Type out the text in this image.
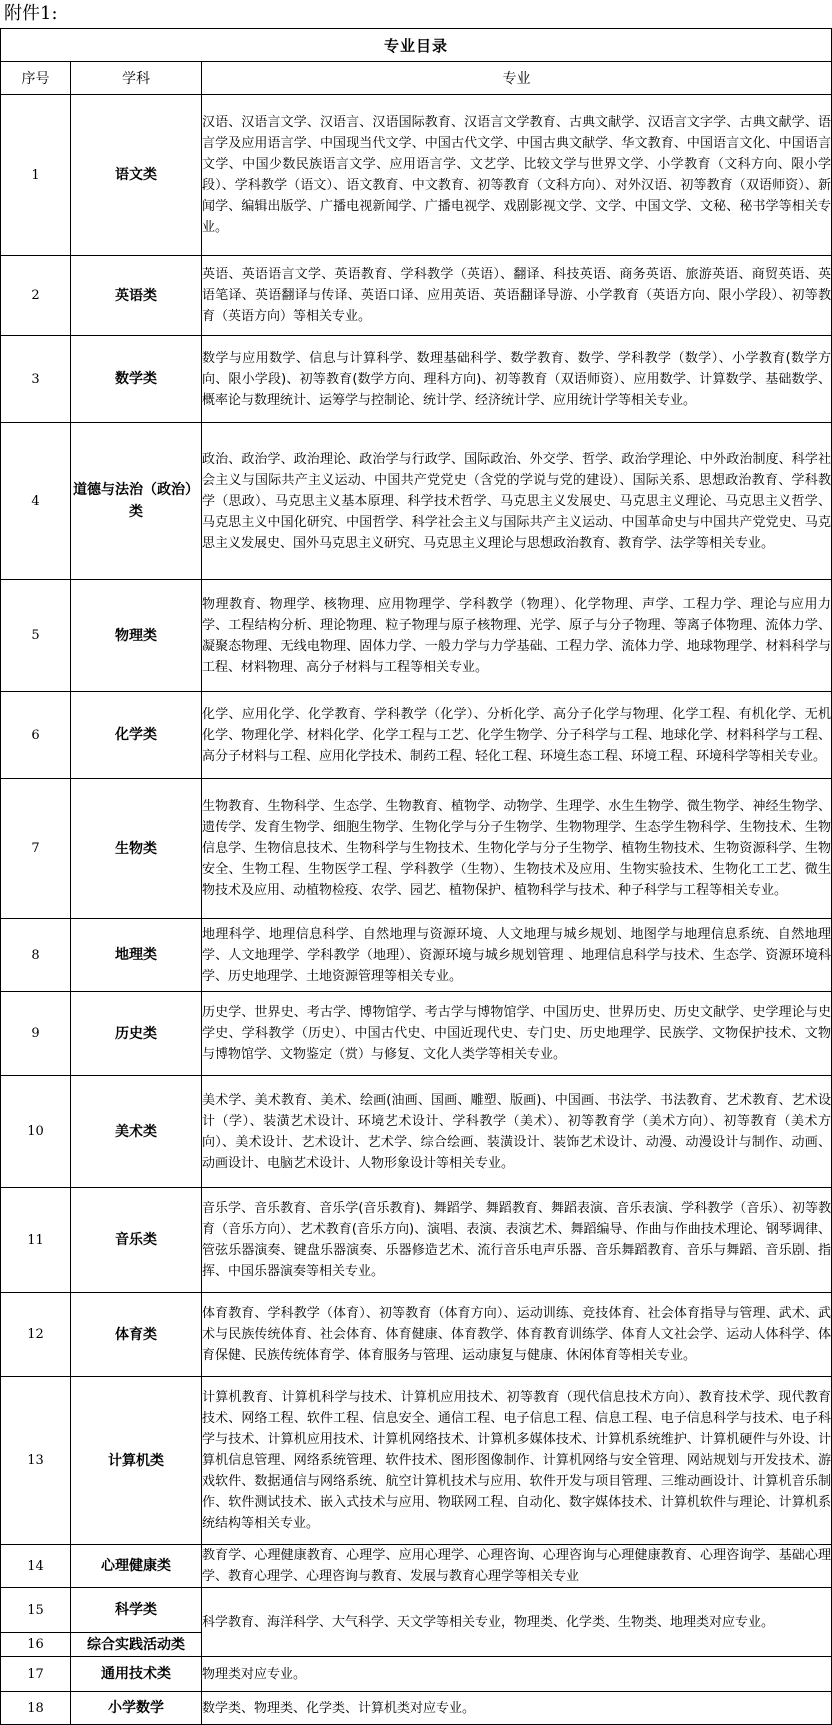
附件1:
专业目录		
序号	学科	专业
1	语文类	汉语、汉语言文学、汉语言、汉语国际教育、汉语言文学教育、古典文献学、汉语言文字学、古典文献学、语言学及应用语言学、中国现当代文学、中国古代文学、中国古典文献学、华文教育、中国语言文化、中国语言文学、中国少数民族语言文学、应用语言学、文艺学、比较文学与世界文学、小学教育（文科方向、限小学段）、学科教学（语文）、语文教育、中文教育、初等教育（文科方向）、对外汉语、初等教育（双语师资）、新闻学、编辑出版学、广播电视新闻学、广播电视学、戏剧影视文学、文学、中国文学、文秘、秘书学等相关专业。
2	英语类	英语、英语语言文学、英语教育、学科教学（英语）、翻译、科技英语、商务英语、旅游英语、商贸英语、英语笔译、英语翻译与传译、英语口译、应用英语、英语翻译导游、小学教育（英语方向、限小学段）、初等教育（英语方向）等相关专业。
3	数学类	数学与应用数学、信息与计算科学、数理基础科学、数学教育、数学、学科教学（数学）、小学教育(数学方向、限小学段)、初等教育(数学方向、理科方向)、初等教育（双语师资）、应用数学、计算数学、基础数学、概率论与数理统计、运筹学与控制论、统计学、经济统计学、应用统计学等相关专业。
4	道德与法治（政治）类	政治、政治学、政治理论、政治学与行政学、国际政治、外交学、哲学、政治学理论、中外政治制度、科学社会主义与国际共产主义运动、中国共产党党史（含党的学说与党的建设）、国际关系、思想政治教育、学科教学（思政）、马克思主义基本原理、科学技术哲学、马克思主义发展史、马克思主义理论、马克思主义哲学、马克思主义中国化研究、中国哲学、科学社会主义与国际共产主义运动、中国革命史与中国共产党党史、马克思主义发展史、国外马克思主义研究、马克思主义理论与思想政治教育、教育学、法学等相关专业。
5	物理类	物理教育、物理学、核物理、应用物理学、学科教学（物理）、化学物理、声学、工程力学、理论与应用力学、工程结构分析、理论物理、粒子物理与原子核物理、光学、原子与分子物理、等离子体物理、流体力学、凝聚态物理、无线电物理、固体力学、一般力学与力学基础、工程力学、流体力学、地球物理学、材料科学与工程、材料物理、高分子材料与工程等相关专业。
6	化学类	化学、应用化学、化学教育、学科教学（化学）、分析化学、高分子化学与物理、化学工程、有机化学、无机化学、物理化学、材料化学、化学工程与工艺、化学生物学、分子科学与工程、地球化学、材料科学与工程、高分子材料与工程、应用化学技术、制药工程、轻化工程、环境生态工程、环境工程、环境科学等相关专业。
7	生物类	生物教育、生物科学、生态学、生物教育、植物学、动物学、生理学、水生生物学、微生物学、神经生物学、遗传学、发育生物学、细胞生物学、生物化学与分子生物学、生物物理学、生态学生物科学、生物技术、生物信息学、生物信息技术、生物科学与生物技术、生物化学与分子生物学、植物生物技术、生物资源科学、生物安全、生物工程、生物医学工程、学科教学（生物）、生物技术及应用、生物实验技术、生物化工工艺、微生物技术及应用、动植物检疫、农学、园艺、植物保护、植物科学与技术、种子科学与工程等相关专业。
8	地理类	地理科学、地理信息科学、自然地理与资源环境、人文地理与城乡规划、地图学与地理信息系统、自然地理学、人文地理学、学科教学（地理）、资源环境与城乡规划管理 、地理信息科学与技术、生态学、资源环境科学、历史地理学、土地资源管理等相关专业。
9	历史类	历史学、世界史、考古学、博物馆学、考古学与博物馆学、中国历史、世界历史、历史文献学、史学理论与史学史、学科教学（历史）、中国古代史、中国近现代史、专门史、历史地理学、民族学、文物保护技术、文物与博物馆学、文物鉴定（赏）与修复、文化人类学等相关专业。
10	美术类	美术学、美术教育、美术、绘画(油画、国画、雕塑、版画)、中国画、书法学、书法教育、艺术教育、艺术设计（学）、装潢艺术设计、环境艺术设计、学科教学（美术）、初等教育学（美术方向）、初等教育（美术方向）、美术设计、艺术设计、艺术学、综合绘画、装潢设计、装饰艺术设计、动漫、动漫设计与制作、动画、动画设计、电脑艺术设计、人物形象设计等相关专业。
11	音乐类	音乐学、音乐教育、音乐学(音乐教育)、舞蹈学、舞蹈教育、舞蹈表演、音乐表演、学科教学（音乐）、初等教育（音乐方向）、艺术教育(音乐方向)、演唱、表演、表演艺术、舞蹈编导、作曲与作曲技术理论、钢琴调律、管弦乐器演奏、键盘乐器演奏、乐器修造艺术、流行音乐电声乐器、音乐舞蹈教育、音乐与舞蹈、音乐剧、指挥、中国乐器演奏等相关专业。
12	体育类	体育教育、学科教学（体育）、初等教育（体育方向）、运动训练、竞技体育、社会体育指导与管理、武术、武术与民族传统体育、社会体育、体育健康、体育教学、体育教育训练学、体育人文社会学、运动人体科学、体育保健、民族传统体育学、体育服务与管理、运动康复与健康、休闲体育等相关专业。
13	计算机类	计算机教育、计算机科学与技术、计算机应用技术、初等教育（现代信息技术方向）、教育技术学、现代教育技术、网络工程、软件工程、信息安全、通信工程、电子信息工程、信息工程、电子信息科学与技术、电子科学与技术、计算机应用技术、计算机网络技术、计算机多媒体技术、计算机系统维护、计算机硬件与外设、计算机信息管理、网络系统管理、软件技术、图形图像制作、计算机网络与安全管理、网站规划与开发技术、游戏软件、数据通信与网络系统、航空计算机技术与应用、软件开发与项目管理、三维动画设计、计算机音乐制作、软件测试技术、嵌入式技术与应用、物联网工程、自动化、数字媒体技术、计算机软件与理论、计算机系统结构等相关专业。
14	心理健康类	教育学、心理健康教育、心理学、应用心理学、心理咨询、心理咨询与心理健康教育、心理咨询学、基础心理学、教育心理学、心理咨询与教育、发展与教育心理学等相关专业
15	科学类	科学教育、海洋科学、大气科学、天文学等相关专业，物理类、化学类、生物类、地理类对应专业。
16	综合实践活动类	
17	通用技术类	物理类对应专业。
18	小学数学	数学类、物理类、化学类、计算机类对应专业。
